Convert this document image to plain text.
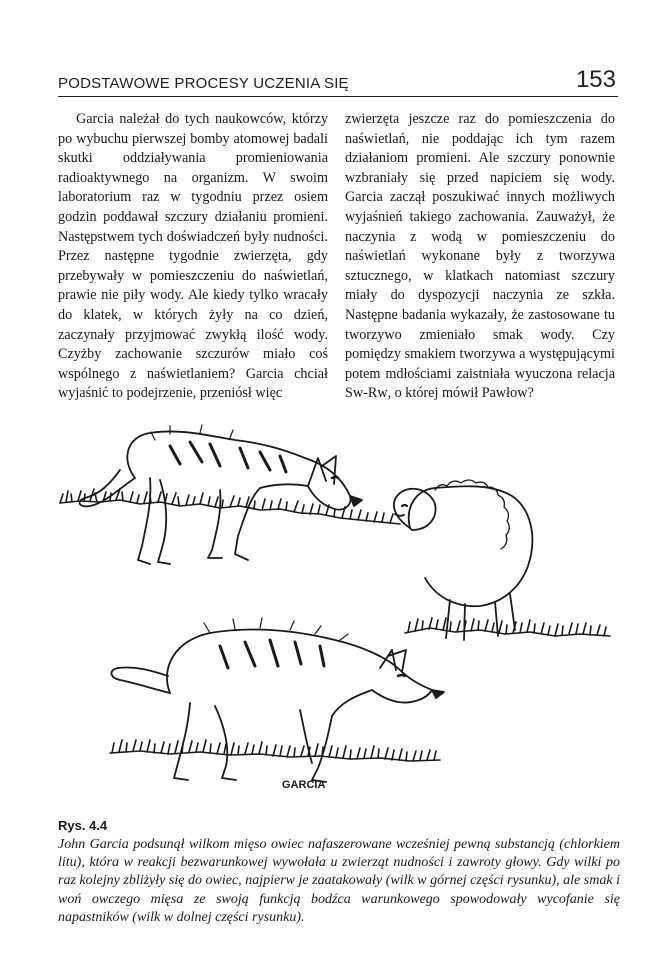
PODSTAWOWE PROCESY UCZENIA SIĘ	153

Garcia należał do tych naukowców, którzy po wybuchu pierwszej bomby atomowej badali skutki oddziaływania promieniowania radioaktywnego na organizm. W swoim laboratorium raz w tygodniu przez osiem godzin poddawał szczury działaniu promieni. Następstwem tych doświadczeń były nudności. Przez następne tygodnie zwierzęta, gdy przebywały w pomieszczeniu do naświetlań, prawie nie piły wody. Ale kiedy tylko wracały do klatek, w których żyły na co dzień, zaczynały przyjmować zwykłą ilość wody. Czyżby zachowanie szczurów miało coś wspólnego z naświetlaniem? Garcia chciał wyjaśnić to podejrzenie, przeniósł więc

zwierzęta jeszcze raz do pomieszczenia do naświetlań, nie poddając ich tym razem działaniom promieni. Ale szczury ponownie wzbraniały się przed napiciem się wody. Garcia zaczął poszukiwać innych możliwych wyjaśnień takiego zachowania. Zauważył, że naczynia z wodą w pomieszczeniu do naświetlań wykonane były z tworzywa sztucznego, w klatkach natomiast szczury miały do dyspozycji naczynia ze szkła. Następne badania wykazały, że zastosowane tu tworzywo zmieniało smak wody. Czy pomiędzy smakiem tworzywa a występującymi potem mdłościami zaistniała wyuczona relacja Sᴡ-Rᴡ, o której mówił Pawłow?

GARCIA
Rys. 4.4

John Garcia podsunął wilkom mięso owiec nafaszerowane wcześniej pewną substancją (chlorkiem litu), która w reakcji bezwarunkowej wywołała u zwierząt nudności i zawroty głowy. Gdy wilki po raz kolejny zbliżyły się do owiec, najpierw je zaatakowały (wilk w górnej części rysunku), ale smak i woń owczego mięsa ze swoją funkcją bodźca warunkowego spowodowały wycofanie się napastników (wilk w dolnej części rysunku).
